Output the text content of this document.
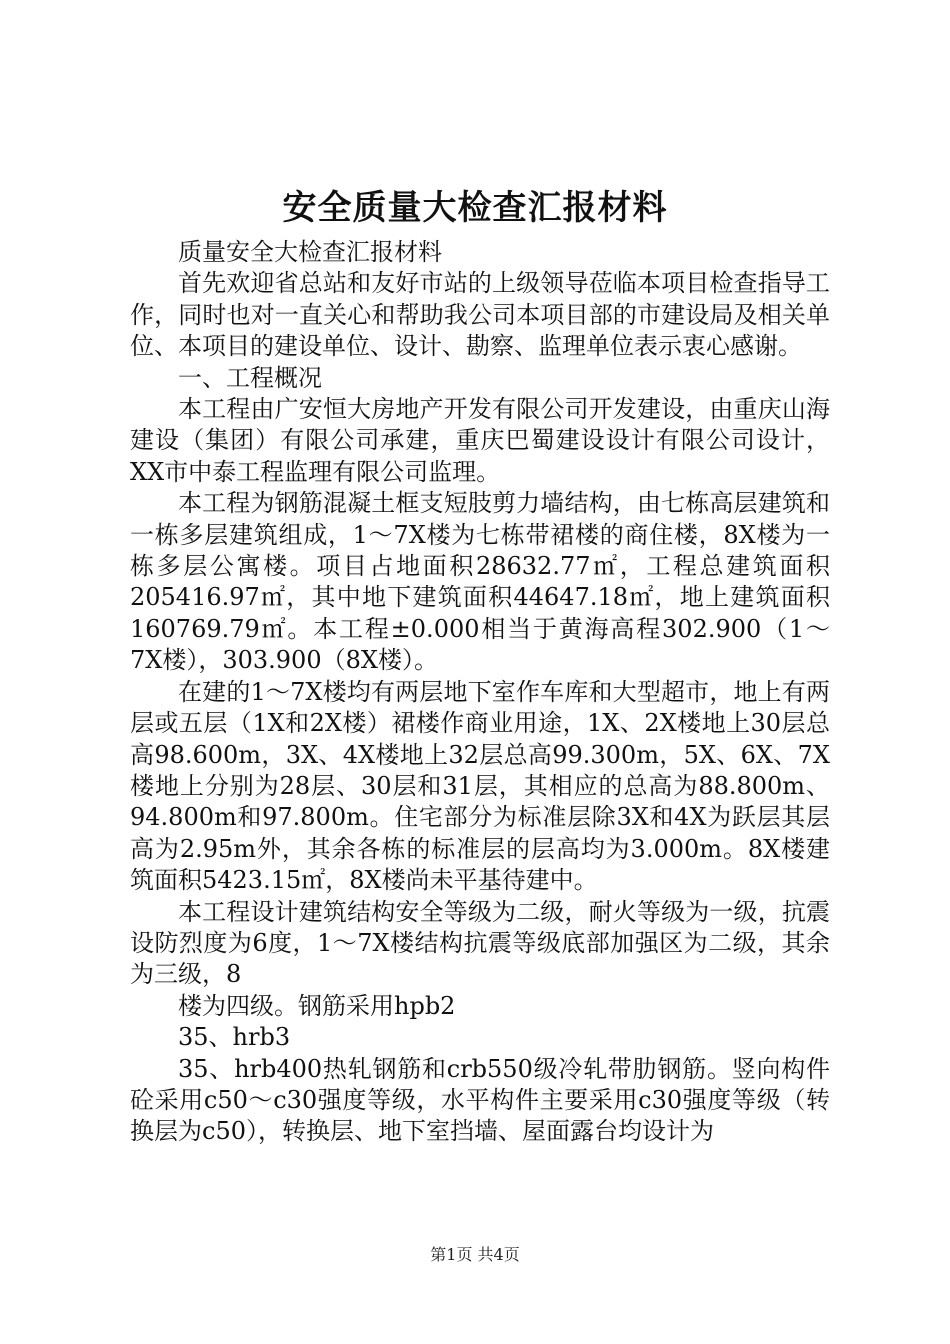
安全质量大检查汇报材料

质量安全大检查汇报材料

首先欢迎省总站和友好市站的上级领导莅临本项目检查指导工作，同时也对一直关心和帮助我公司本项目部的市建设局及相关单位、本项目的建设单位、设计、勘察、监理单位表示衷心感谢。

一、工程概况

本工程由广安恒大房地产开发有限公司开发建设，由重庆山海建设（集团）有限公司承建，重庆巴蜀建设设计有限公司设计，XX市中泰工程监理有限公司监理。

本工程为钢筋混凝土框支短肢剪力墙结构，由七栋高层建筑和一栋多层建筑组成，1～7X楼为七栋带裙楼的商住楼，8X楼为一栋多层公寓楼。项目占地面积28632.77㎡，工程总建筑面积205416.97㎡，其中地下建筑面积44647.18㎡，地上建筑面积160769.79㎡。本工程±0.000相当于黄海高程302.900（1～7X楼），303.900（8X楼）。

在建的1～7X楼均有两层地下室作车库和大型超市，地上有两层或五层（1X和2X楼）裙楼作商业用途，1X、2X楼地上30层总高98.600m，3X、4X楼地上32层总高99.300m，5X、6X、7X楼地上分别为28层、30层和31层，其相应的总高为88.800m、94.800m和97.800m。住宅部分为标准层除3X和4X为跃层其层高为2.95m外，其余各栋的标准层的层高均为3.000m。8X楼建筑面积5423.15㎡，8X楼尚未平基待建中。

本工程设计建筑结构安全等级为二级，耐火等级为一级，抗震设防烈度为6度，1～7X楼结构抗震等级底部加强区为二级，其余为三级，8

楼为四级。钢筋采用hpb2

35、hrb3

35、hrb400热轧钢筋和crb550级冷轧带肋钢筋。竖向构件砼采用c50～c30强度等级，水平构件主要采用c30强度等级（转换层为c50），转换层、地下室挡墙、屋面露台均设计为

第1页 共4页
